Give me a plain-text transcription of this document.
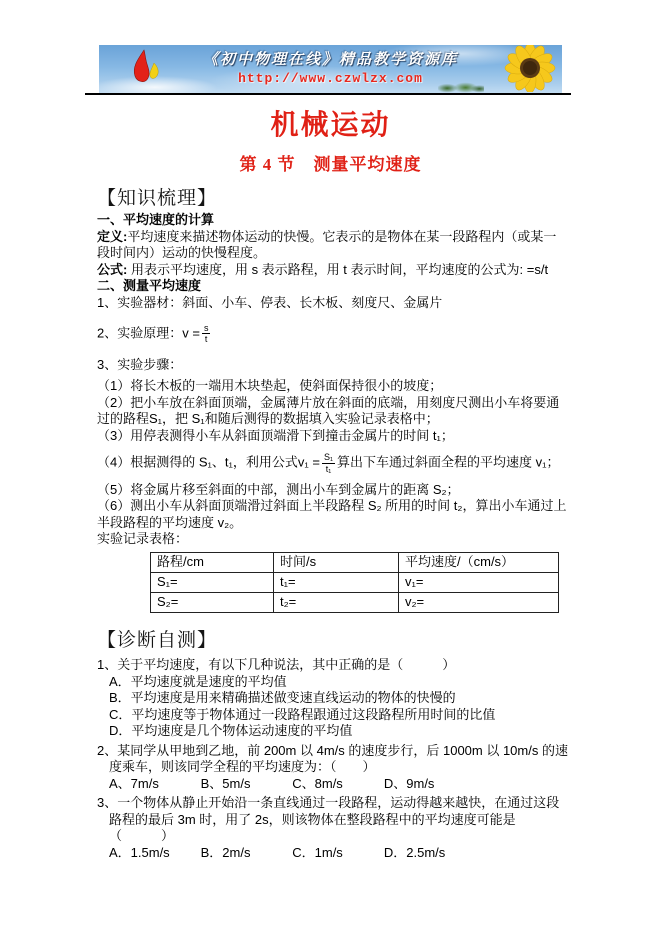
《初中物理在线》精品教学资源库
http://www.czwlzx.com
机械运动
第 4 节　测量平均速度
【知识梳理】
一、平均速度的计算
定义:平均速度来描述物体运动的快慢。它表示的是物体在某一段路程内（或某一段时间内）运动的快慢程度。
公式: 用表示平均速度，用 s 表示路程，用 t 表示时间，平均速度的公式为: =s/t
二、测量平均速度
1、实验器材：斜面、小车、停表、长木板、刻度尺、金属片
2、实验原理：$v = \frac{s}{t}$
3、实验步骤：
（1）将长木板的一端用木块垫起，使斜面保持很小的坡度；
（2）把小车放在斜面顶端，金属薄片放在斜面的底端，用刻度尺测出小车将要通过的路程S₁，把 S₁和随后测得的数据填入实验记录表格中；
（3）用停表测得小车从斜面顶端滑下到撞击金属片的时间 t₁；
（4）根据测得的 S₁、t₁，利用公式$v_1 = \frac{\text{S₁}}{\text{t₁}}$ 算出下车通过斜面全程的平均速度 v₁；
（5）将金属片移至斜面的中部，测出小车到金属片的距离 S₂；
（6）测出小车从斜面顶端滑过斜面上半段路程 S₂ 所用的时间 t₂，算出小车通过上半段路程的平均速度 v₂。
实验记录表格：
路程/cm	时间/s	平均速度/（cm/s）
S₁=	t₁=	v₁=
S₂=	t₂=	v₂=
【诊断自测】
1、关于平均速度，有以下几种说法，其中正确的是（　　　）
A．平均速度就是速度的平均值
B．平均速度是用来精确描述做变速直线运动的物体的快慢的
C．平均速度等于物体通过一段路程跟通过这段路程所用时间的比值
D．平均速度是几个物体运动速度的平均值
2、某同学从甲地到乙地，前 200m 以 4m/s 的速度步行，后 1000m 以 10m/s 的速度乘车，则该同学全程的平均速度为：（　　）
A、7m/s	B、5m/s	C、8m/s	D、9m/s
3、一个物体从静止开始沿一条直线通过一段路程，运动得越来越快，在通过这段路程的最后 3m 时，用了 2s，则该物体在整段路程中的平均速度可能是　（　　　）
A．1.5m/s B．2m/s	C．1m/s	D．2.5m/s
